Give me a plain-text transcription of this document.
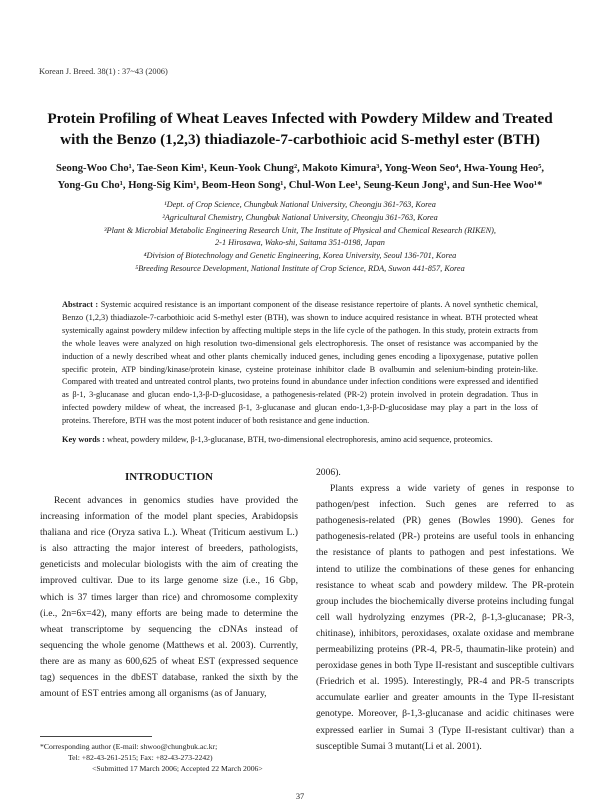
Korean J. Breed. 38(1) : 37~43 (2006)
Protein Profiling of Wheat Leaves Infected with Powdery Mildew and Treated
with the Benzo (1,2,3) thiadiazole-7-carbothioic acid S-methyl ester (BTH)
Seong-Woo Cho¹, Tae-Seon Kim¹, Keun-Yook Chung², Makoto Kimura³, Yong-Weon Seo⁴, Hwa-Young Heo⁵,
Yong-Gu Cho¹, Hong-Sig Kim¹, Beom-Heon Song¹, Chul-Won Lee¹, Seung-Keun Jong¹, and Sun-Hee Woo¹*
¹Dept. of Crop Science, Chungbuk National University, Cheongju 361-763, Korea
²Agricultural Chemistry, Chungbuk National University, Cheongju 361-763, Korea
³Plant & Microbial Metabolic Engineering Research Unit, The Institute of Physical and Chemical Research (RIKEN),
2-1 Hirosawa, Wako-shi, Saitama 351-0198, Japan
⁴Division of Biotechnology and Genetic Engineering, Korea University, Seoul 136-701, Korea
⁵Breeding Resource Development, National Institute of Crop Science, RDA, Suwon 441-857, Korea
Abstract : Systemic acquired resistance is an important component of the disease resistance repertoire of plants. A novel synthetic chemical, Benzo (1,2,3) thiadiazole-7-carbothioic acid S-methyl ester (BTH), was shown to induce acquired resistance in wheat. BTH protected wheat systemically against powdery mildew infection by affecting multiple steps in the life cycle of the pathogen. In this study, protein extracts from the whole leaves were analyzed on high resolution two-dimensional gels electrophoresis. The onset of resistance was accompanied by the induction of a newly described wheat and other plants chemically induced genes, including genes encoding a lipoxygenase, putative pollen specific protein, ATP binding/kinase/protein kinase, cysteine proteinase inhibitor clade B ovalbumin and selenium-binding protein-like. Compared with treated and untreated control plants, two proteins found in abundance under infection conditions were expressed and identified as β-1, 3-glucanase and glucan endo-1,3-β-D-glucosidase, a pathogenesis-related (PR-2) protein involved in protein degradation. Thus in infected powdery mildew of wheat, the increased β-1, 3-glucanase and glucan endo-1,3-β-D-glucosidase may play a part in the loss of proteins. Therefore, BTH was the most potent inducer of both resistance and gene induction.
Key words : wheat, powdery mildew, β-1,3-glucanase, BTH, two-dimensional electrophoresis, amino acid sequence, proteomics.
INTRODUCTION

Recent advances in genomics studies have provided the increasing information of the model plant species, Arabidopsis thaliana and rice (Oryza sativa L.). Wheat (Triticum aestivum L.) is also attracting the major interest of breeders, pathologists, geneticists and molecular biologists with the aim of creating the improved cultivar. Due to its large genome size (i.e., 16 Gbp, which is 37 times larger than rice) and chromosome complexity (i.e., 2n=6x=42), many efforts are being made to determine the wheat transcriptome by sequencing the cDNAs instead of sequencing the whole genome (Matthews et al. 2003). Currently, there are as many as 600,625 of wheat EST (expressed sequence tag) sequences in the dbEST database, ranked the sixth by the amount of EST entries among all organisms (as of January,

2006).

Plants express a wide variety of genes in response to pathogen/pest infection. Such genes are referred to as pathogenesis-related (PR) genes (Bowles 1990). Genes for pathogenesis-related (PR-) proteins are useful tools in enhancing the resistance of plants to pathogen and pest infestations. We intend to utilize the combinations of these genes for enhancing resistance to wheat scab and powdery mildew. The PR-protein group includes the biochemically diverse proteins including fungal cell wall hydrolyzing enzymes (PR-2, β-1,3-glucanase; PR-3, chitinase), inhibitors, peroxidases, oxalate oxidase and membrane permeabilizing proteins (PR-4, PR-5, thaumatin-like protein) and peroxidase genes in both Type II-resistant and susceptible cultivars (Friedrich et al. 1995). Interestingly, PR-4 and PR-5 transcripts accumulate earlier and greater amounts in the Type II-resistant genotype. Moreover, β-1,3-glucanase and acidic chitinases were expressed earlier in Sumai 3 (Type II-resistant cultivar) than a susceptible Sumai 3 mutant(Li et al. 2001).

*Corresponding author (E-mail: shwoo@chungbuk.ac.kr;
Tel: +82-43-261-2515; Fax: +82-43-273-2242)
<Submitted 17 March 2006; Accepted 22 March 2006>
37
